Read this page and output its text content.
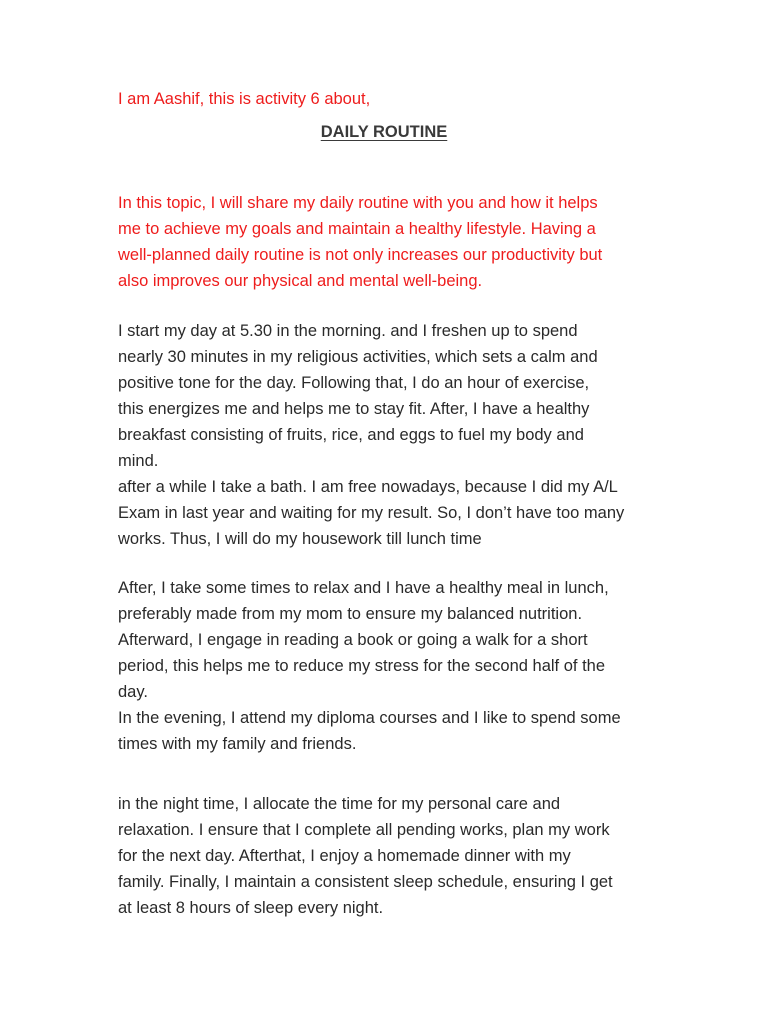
I am Aashif, this is activity 6 about,

DAILY ROUTINE

In this topic, I will share my daily routine with you and how it helps

me to achieve my goals and maintain a healthy lifestyle. Having a

well-planned daily routine is not only increases our productivity but

also improves our physical and mental well-being.

I start my day at 5.30 in the morning. and I freshen up to spend

nearly 30 minutes in my religious activities, which sets a calm and

positive tone for the day. Following that, I do an hour of exercise,

this energizes me and helps me to stay fit. After, I have a healthy

breakfast consisting of fruits, rice, and eggs to fuel my body and

mind.

after a while I take a bath. I am free nowadays, because I did my A/L

Exam in last year and waiting for my result. So, I don’t have too many

works. Thus, I will do my housework till lunch time

After, I take some times to relax and I have a healthy meal in lunch,

preferably made from my mom to ensure my balanced nutrition.

Afterward, I engage in reading a book or going a walk for a short

period, this helps me to reduce my stress for the second half of the

day.

In the evening, I attend my diploma courses and I like to spend some

times with my family and friends.

in the night time, I allocate the time for my personal care and

relaxation. I ensure that I complete all pending works, plan my work

for the next day. Afterthat, I enjoy a homemade dinner with my

family. Finally, I maintain a consistent sleep schedule, ensuring I get

at least 8 hours of sleep every night.
